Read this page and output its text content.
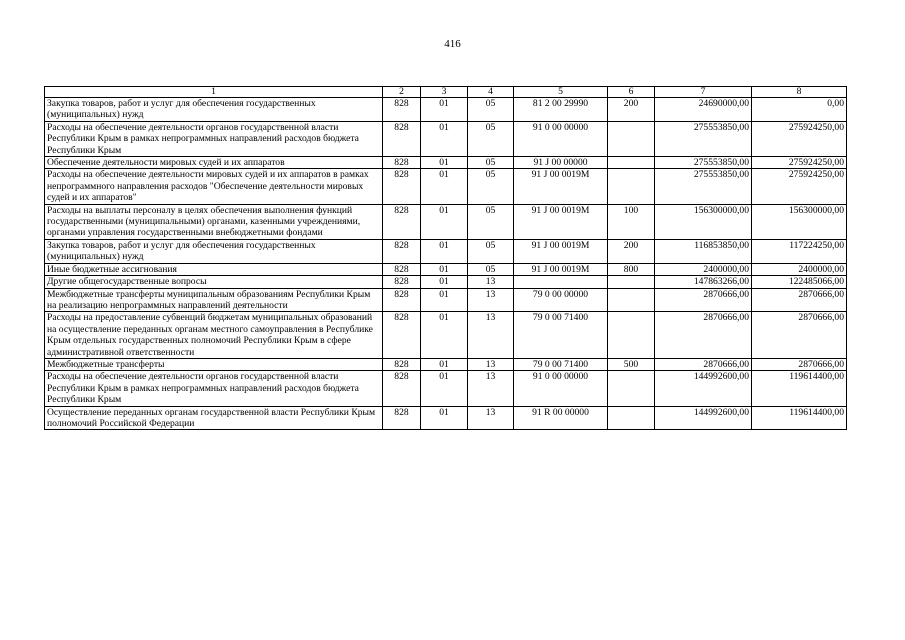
416
1	2	3	4	5	6	7	8
Закупка товаров, работ и услуг для обеспечения государственных (муниципальных) нужд	828	01	05	81 2 00 29990	200	24690000,00	0,00
Расходы на обеспечение деятельности органов государственной власти Республики Крым в рамках непрограммных направлений расходов бюджета Республики Крым	828	01	05	91 0 00 00000		275553850,00	275924250,00
Обеспечение деятельности мировых судей и их аппаратов	828	01	05	91 J 00 00000		275553850,00	275924250,00
Расходы на обеспечение деятельности мировых судей и их аппаратов в рамках непрограммного направления расходов "Обеспечение деятельности мировых судей и их аппаратов"	828	01	05	91 J 00 0019M		275553850,00	275924250,00
Расходы на выплаты персоналу в целях обеспечения выполнения функций государственными (муниципальными) органами, казенными учреждениями, органами управления государственными внебюджетными фондами	828	01	05	91 J 00 0019M	100	156300000,00	156300000,00
Закупка товаров, работ и услуг для обеспечения государственных (муниципальных) нужд	828	01	05	91 J 00 0019M	200	116853850,00	117224250,00
Иные бюджетные ассигнования	828	01	05	91 J 00 0019M	800	2400000,00	2400000,00
Другие общегосударственные вопросы	828	01	13			147863266,00	122485066,00
Межбюджетные трансферты муниципальным образованиям Республики Крым на реализацию непрограммных направлений деятельности	828	01	13	79 0 00 00000		2870666,00	2870666,00
Расходы на предоставление субвенций бюджетам муниципальных образований на осуществление переданных органам местного самоуправления в Республике Крым отдельных государственных полномочий Республики Крым в сфере административной ответственности	828	01	13	79 0 00 71400		2870666,00	2870666,00
Межбюджетные трансферты	828	01	13	79 0 00 71400	500	2870666,00	2870666,00
Расходы на обеспечение деятельности органов государственной власти Республики Крым в рамках непрограммных направлений расходов бюджета Республики Крым	828	01	13	91 0 00 00000		144992600,00	119614400,00
Осуществление переданных органам государственной власти Республики Крым полномочий Российской Федерации	828	01	13	91 R 00 00000		144992600,00	119614400,00
